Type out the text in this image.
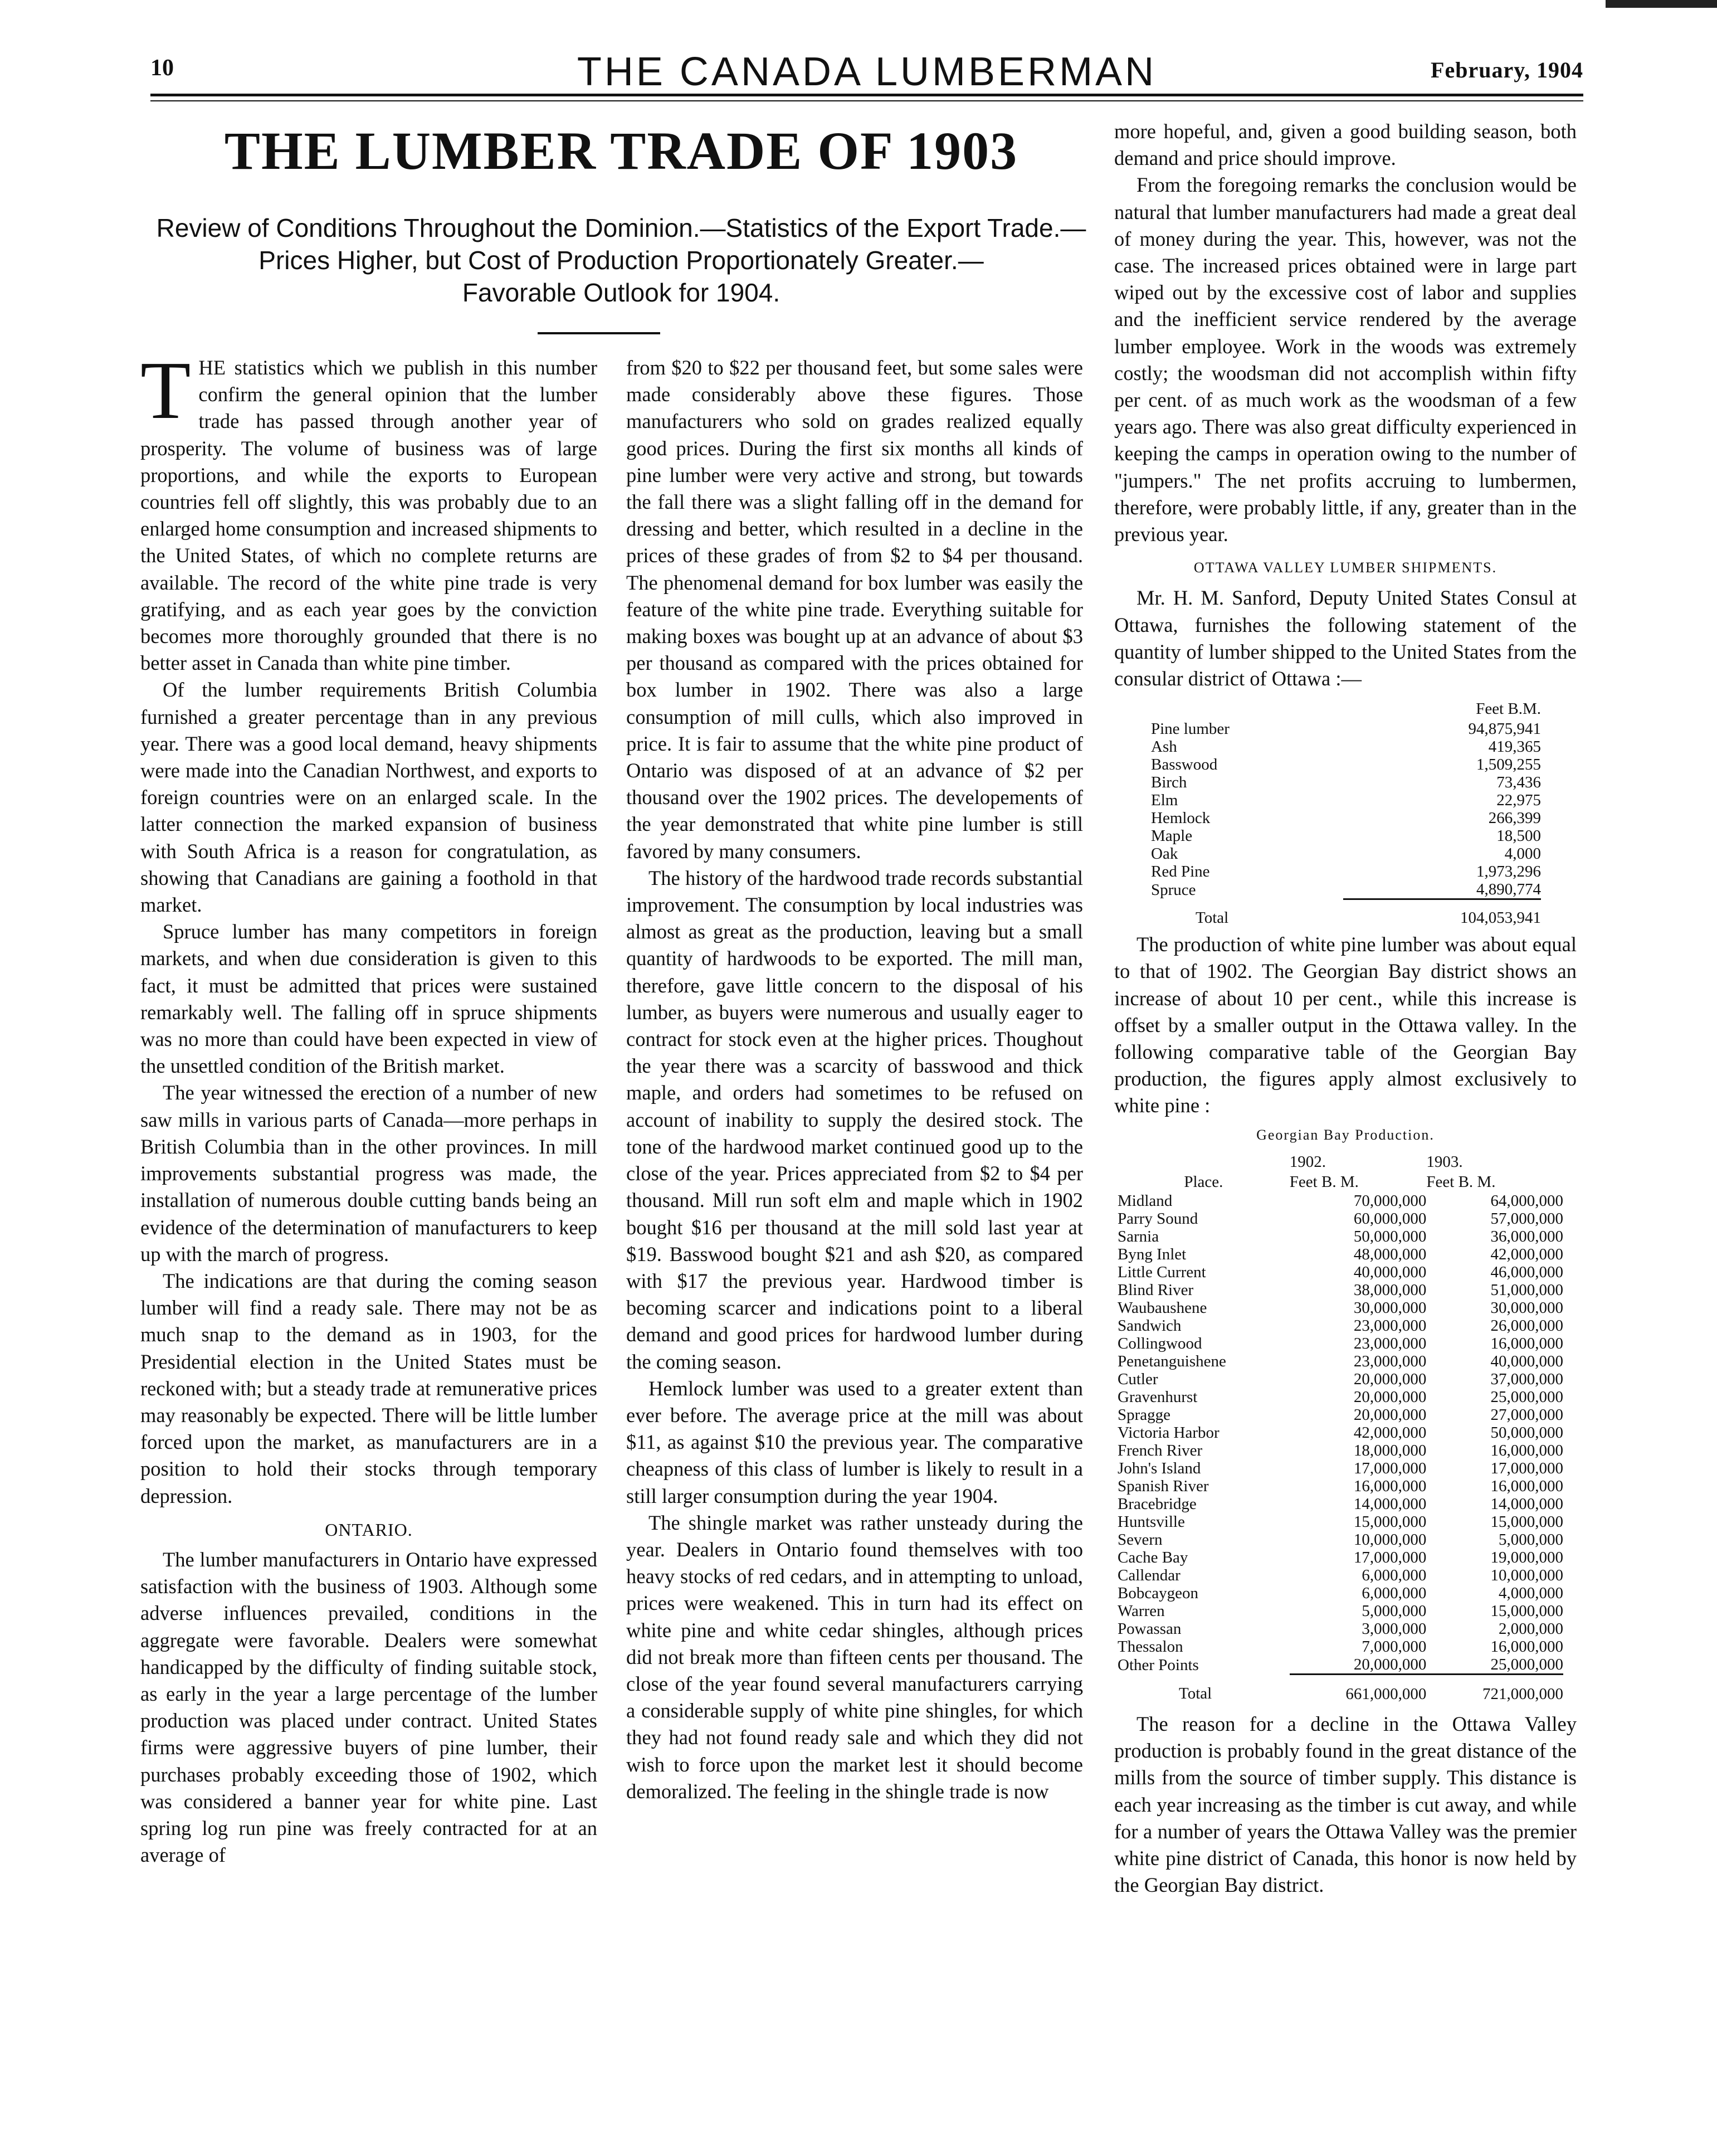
10	THE CANADA LUMBERMAN	February, 1904
THE LUMBER TRADE OF 1903
Review of Conditions Throughout the Dominion.—Statistics of the Export Trade.—
Prices Higher, but Cost of Production Proportionately Greater.—
Favorable Outlook for 1904.

THE statistics which we publish in this number confirm the general opinion that the lumber trade has passed through another year of prosperity. The volume of business was of large proportions, and while the exports to European countries fell off slightly, this was probably due to an enlarged home consumption and increased shipments to the United States, of which no complete returns are available. The record of the white pine trade is very gratifying, and as each year goes by the conviction becomes more thoroughly grounded that there is no better asset in Canada than white pine timber.

Of the lumber requirements British Columbia furnished a greater percentage than in any previous year. There was a good local demand, heavy shipments were made into the Canadian Northwest, and exports to foreign countries were on an enlarged scale. In the latter connection the marked expansion of business with South Africa is a reason for congratulation, as showing that Canadians are gaining a foothold in that market.

Spruce lumber has many competitors in foreign markets, and when due consideration is given to this fact, it must be admitted that prices were sustained remarkably well. The falling off in spruce shipments was no more than could have been expected in view of the unsettled condition of the British market.

The year witnessed the erection of a number of new saw mills in various parts of Canada—more perhaps in British Columbia than in the other provinces. In mill improvements substantial progress was made, the installation of numerous double cutting bands being an evidence of the determination of manufacturers to keep up with the march of progress.

The indications are that during the coming season lumber will find a ready sale. There may not be as much snap to the demand as in 1903, for the Presidential election in the United States must be reckoned with; but a steady trade at remunerative prices may reasonably be expected. There will be little lumber forced upon the market, as manufacturers are in a position to hold their stocks through temporary depression.

ONTARIO.

The lumber manufacturers in Ontario have expressed satisfaction with the business of 1903. Although some adverse influences prevailed, conditions in the aggregate were favorable. Dealers were somewhat handicapped by the difficulty of finding suitable stock, as early in the year a large percentage of the lumber production was placed under contract. United States firms were aggressive buyers of pine lumber, their purchases probably exceeding those of 1902, which was considered a banner year for white pine. Last spring log run pine was freely contracted for at an average of

from $20 to $22 per thousand feet, but some sales were made considerably above these figures. Those manufacturers who sold on grades realized equally good prices. During the first six months all kinds of pine lumber were very active and strong, but towards the fall there was a slight falling off in the demand for dressing and better, which resulted in a decline in the prices of these grades of from $2 to $4 per thousand. The phenomenal demand for box lumber was easily the feature of the white pine trade. Everything suitable for making boxes was bought up at an advance of about $3 per thousand as compared with the prices obtained for box lumber in 1902. There was also a large consumption of mill culls, which also improved in price. It is fair to assume that the white pine product of Ontario was disposed of at an advance of $2 per thousand over the 1902 prices. The developements of the year demonstrated that white pine lumber is still favored by many consumers.

The history of the hardwood trade records substantial improvement. The consumption by local industries was almost as great as the production, leaving but a small quantity of hardwoods to be exported. The mill man, therefore, gave little concern to the disposal of his lumber, as buyers were numerous and usually eager to contract for stock even at the higher prices. Thoughout the year there was a scarcity of basswood and thick maple, and orders had sometimes to be refused on account of inability to supply the desired stock. The tone of the hardwood market continued good up to the close of the year. Prices appreciated from $2 to $4 per thousand. Mill run soft elm and maple which in 1902 bought $16 per thousand at the mill sold last year at $19. Basswood bought $21 and ash $20, as compared with $17 the previous year. Hardwood timber is becoming scarcer and indications point to a liberal demand and good prices for hardwood lumber during the coming season.

Hemlock lumber was used to a greater extent than ever before. The average price at the mill was about $11, as against $10 the previous year. The comparative cheapness of this class of lumber is likely to result in a still larger consumption during the year 1904.

The shingle market was rather unsteady during the year. Dealers in Ontario found themselves with too heavy stocks of red cedars, and in attempting to unload, prices were weakened. This in turn had its effect on white pine and white cedar shingles, although prices did not break more than fifteen cents per thousand. The close of the year found several manufacturers carrying a considerable supply of white pine shingles, for which they had not found ready sale and which they did not wish to force upon the market lest it should become demoralized. The feeling in the shingle trade is now

more hopeful, and, given a good building season, both demand and price should improve.

From the foregoing remarks the conclusion would be natural that lumber manufacturers had made a great deal of money during the year. This, however, was not the case. The increased prices obtained were in large part wiped out by the excessive cost of labor and supplies and the inefficient service rendered by the average lumber employee. Work in the woods was extremely costly; the woodsman did not accomplish within fifty per cent. of as much work as the woodsman of a few years ago. There was also great difficulty experienced in keeping the camps in operation owing to the number of "jumpers." The net profits accruing to lumbermen, therefore, were probably little, if any, greater than in the previous year.

OTTAWA VALLEY LUMBER SHIPMENTS.

Mr. H. M. Sanford, Deputy United States Consul at Ottawa, furnishes the following statement of the quantity of lumber shipped to the United States from the consular district of Ottawa :—

	Feet B.M.
Pine lumber	94,875,941
Ash	419,365
Basswood	1,509,255
Birch	73,436
Elm	22,975
Hemlock	266,399
Maple	18,500
Oak	4,000
Red Pine	1,973,296
Spruce	4,890,774
Total	104,053,941

The production of white pine lumber was about equal to that of 1902. The Georgian Bay district shows an increase of about 10 per cent., while this increase is offset by a smaller output in the Ottawa valley. In the following comparative table of the Georgian Bay production, the figures apply almost exclusively to white pine :

Georgian Bay Production.
	1902.	1903.
Place.	Feet B. M.	Feet B. M.
Midland	70,000,000	64,000,000
Parry Sound	60,000,000	57,000,000
Sarnia	50,000,000	36,000,000
Byng Inlet	48,000,000	42,000,000
Little Current	40,000,000	46,000,000
Blind River	38,000,000	51,000,000
Waubaushene	30,000,000	30,000,000
Sandwich	23,000,000	26,000,000
Collingwood	23,000,000	16,000,000
Penetanguishene	23,000,000	40,000,000
Cutler	20,000,000	37,000,000
Gravenhurst	20,000,000	25,000,000
Spragge	20,000,000	27,000,000
Victoria Harbor	42,000,000	50,000,000
French River	18,000,000	16,000,000
John's Island	17,000,000	17,000,000
Spanish River	16,000,000	16,000,000
Bracebridge	14,000,000	14,000,000
Huntsville	15,000,000	15,000,000
Severn	10,000,000	5,000,000
Cache Bay	17,000,000	19,000,000
Callendar	6,000,000	10,000,000
Bobcaygeon	6,000,000	4,000,000
Warren	5,000,000	15,000,000
Powassan	3,000,000	2,000,000
Thessalon	7,000,000	16,000,000
Other Points	20,000,000	25,000,000
Total	661,000,000	721,000,000

The reason for a decline in the Ottawa Valley production is probably found in the great distance of the mills from the source of timber supply. This distance is each year increasing as the timber is cut away, and while for a number of years the Ottawa Valley was the premier white pine district of Canada, this honor is now held by the Georgian Bay district.
